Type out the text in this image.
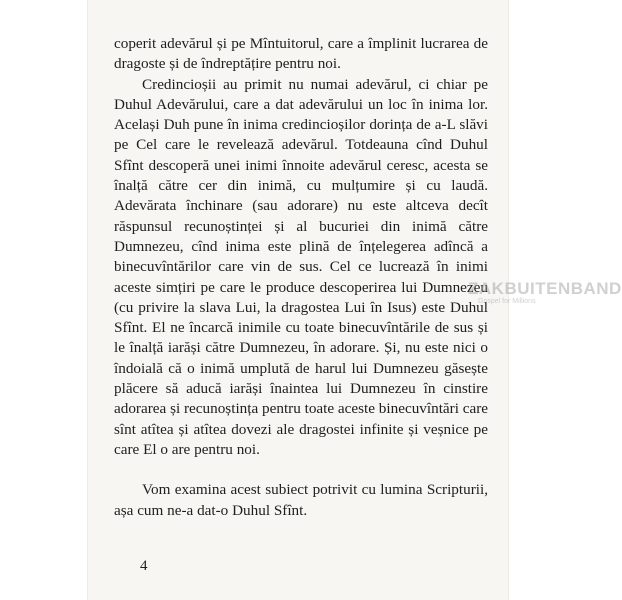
coperit adevărul și pe Mîntuitorul, care a împlinit lucrarea de dragoste și de îndreptățire pentru noi.

Credincioșii au primit nu numai adevărul, ci chiar pe Duhul Adevărului, care a dat adevărului un loc în inima lor. Același Duh pune în inima credincioșilor dorința de a-L slăvi pe Cel care le revelează adevărul. Totdeauna cînd Duhul Sfînt descoperă unei inimi înnoite adevărul ceresc, acesta se înalță către cer din inimă, cu mulțumire și cu laudă. Adevărata închinare (sau adorare) nu este altceva decît răspunsul recunoștinței și al bucuriei din inimă către Dumnezeu, cînd inima este plină de înțelegerea adîncă a binecuvîntărilor care vin de sus. Cel ce lucrează în inimi aceste simțiri pe care le produce descoperirea lui Dumnezeu (cu privire la slava Lui, la dragostea Lui în Isus) este Duhul Sfînt. El ne încarcă inimile cu toate binecuvîntările de sus și le înalță iarăși către Dumnezeu, în adorare. Și, nu este nici o îndoială că o inimă umplută de harul lui Dumnezeu găsește plăcere să aducă iarăși înaintea lui Dumnezeu în cinstire adorarea și recunoștința pentru toate aceste binecuvîntări care sînt atîtea și atîtea dovezi ale dragostei infinite și veșnice pe care El o are pentru noi.

Vom examina acest subiect potrivit cu lumina Scripturii, așa cum ne-a dat-o Duhul Sfînt.

ZAKBUITENBAND
Gospel for Millions
4
